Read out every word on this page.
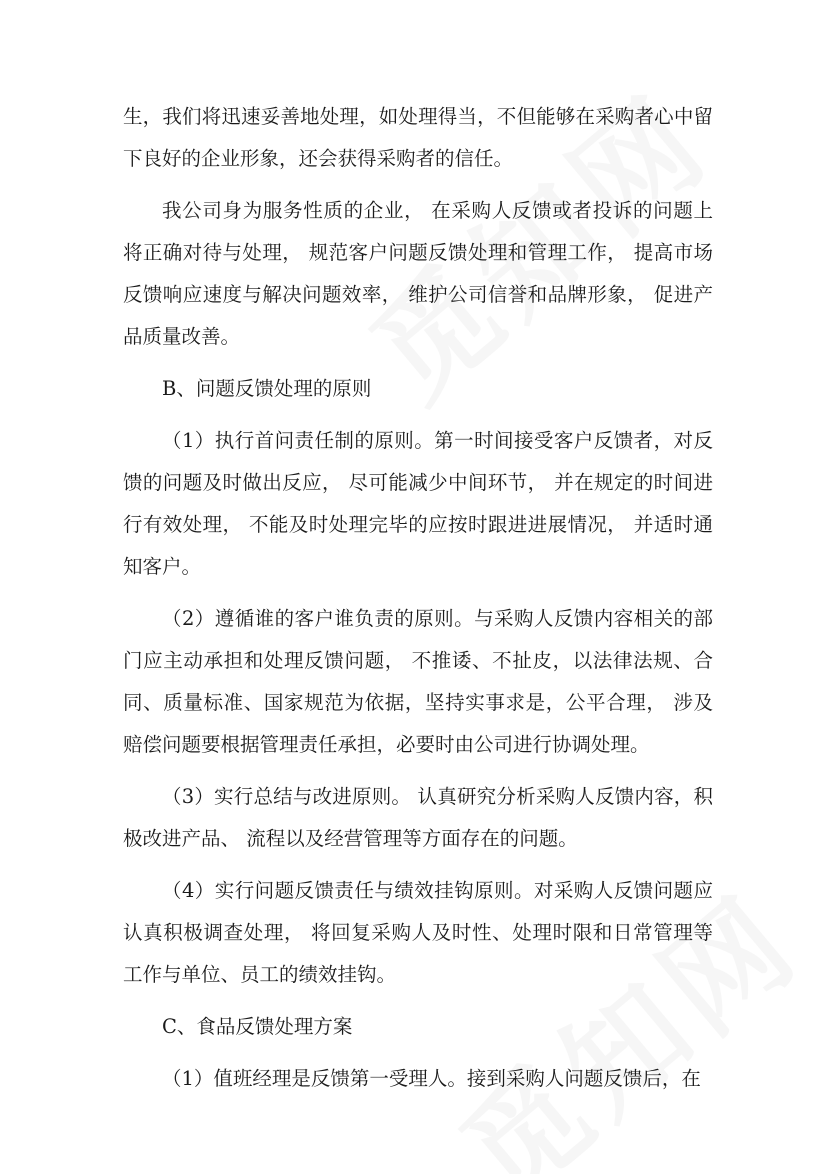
生，我们将迅速妥善地处理，如处理得当，不但能够在采购者心中留下良好的企业形象，还会获得采购者的信任。

我公司身为服务性质的企业， 在采购人反馈或者投诉的问题上将正确对待与处理， 规范客户问题反馈处理和管理工作， 提高市场反馈响应速度与解决问题效率， 维护公司信誉和品牌形象， 促进产品质量改善。

B、问题反馈处理的原则

（1）执行首问责任制的原则。第一时间接受客户反馈者，对反馈的问题及时做出反应， 尽可能减少中间环节， 并在规定的时间进行有效处理， 不能及时处理完毕的应按时跟进进展情况， 并适时通知客户。

（2）遵循谁的客户谁负责的原则。与采购人反馈内容相关的部门应主动承担和处理反馈问题， 不推诿、不扯皮，以法律法规、合同、质量标准、国家规范为依据，坚持实事求是，公平合理， 涉及赔偿问题要根据管理责任承担，必要时由公司进行协调处理。

（3）实行总结与改进原则。 认真研究分析采购人反馈内容，积极改进产品、 流程以及经营管理等方面存在的问题。

（4）实行问题反馈责任与绩效挂钩原则。对采购人反馈问题应认真积极调查处理， 将回复采购人及时性、处理时限和日常管理等工作与单位、员工的绩效挂钩。

C、食品反馈处理方案

（1）值班经理是反馈第一受理人。接到采购人问题反馈后，在
